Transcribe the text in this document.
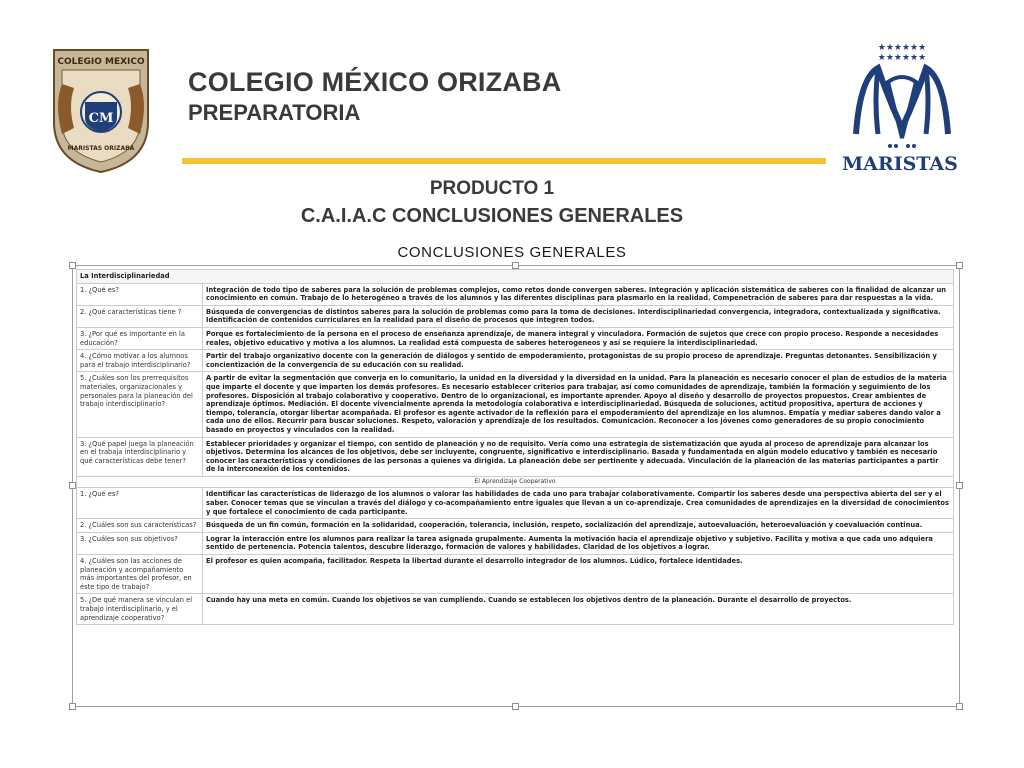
CM
COLEGIO MEXICO
MARISTAS ORIZABA
COLEGIO MÉXICO ORIZABA
PREPARATORIA
★★★★★★
★★★★★★
MARISTAS
PRODUCTO 1
C.A.I.A.C CONCLUSIONES GENERALES
CONCLUSIONES GENERALES
La Interdisciplinariedad	
1. ¿Qué es?	Integración de todo tipo de saberes para la solución de problemas complejos, como retos donde convergen saberes. Integración y aplicación sistemática de saberes con la finalidad de alcanzar un conocimiento en común. Trabajo de lo heterogéneo a través de los alumnos y las diferentes disciplinas para plasmarlo en la realidad. Compenetración de saberes para dar respuestas a la vida.
2. ¿Qué características tiene ?	Búsqueda de convergencias de distintos saberes para la solución de problemas como para la toma de decisiones. Interdisciplinariedad convergencia, integradora, contextualizada y significativa. Identificación de contenidos curriculares en la realidad para el diseño de procesos que integren todos.
3. ¿Por qué es importante en la educación?	Porque es fortalecimiento de la persona en el proceso de enseñanza aprendizaje, de manera integral y vinculadora. Formación de sujetos que crece con propio proceso. Responde a necesidades reales, objetivo educativo y motiva a los alumnos. La realidad está compuesta de saberes heterogeneos y así se requiere la interdisciplinariedad.
4. ¿Cómo motivar a los alumnos para el trabajo interdisciplinario?	Partir del trabajo organizativo docente con la generación de diálogos y sentido de empoderamiento, protagonistas de su propio proceso de aprendizaje. Preguntas detonantes. Sensibilización y concientización de la convergencia de su educación con su realidad.
5. ¿Cuáles son los prerrequisitos materiales, organizacionales y personales para la planeación del trabajo interdisciplinario?	A partir de evitar la segmentación que converja en lo comunitario, la unidad en la diversidad y la diversidad en la unidad. Para la planeación es necesario conocer el plan de estudios de la materia que imparte el docente y que imparten los demás profesores. Es necesario establecer criterios para trabajar, así como comunidades de aprendizaje, también la formación y seguimiento de los profesores. Disposición al trabajo colaborativo y cooperativo. Dentro de lo organizacional, es importante aprender. Apoyo al diseño y desarrollo de proyectos propuestos. Crear ambientes de aprendizaje óptimos. Mediación. El docente vivencialmente aprenda la metodología colaborativa e interdisciplinariedad. Búsqueda de soluciones, actitud propositiva, apertura de acciones y tiempo, tolerancia, otorgar libertar acompañada. El profesor es agente activador de la reflexión para el empoderamiento del aprendizaje en los alumnos. Empatía y mediar saberes dando valor a cada uno de ellos. Recurrir para buscar soluciones. Respeto, valoración y aprendizaje de los resultados. Comunicación. Reconocer a los jóvenes como generadores de su propio conocimiento basado en proyectos y vinculados con la realidad.
3. ¿Qué papel juega la planeación en el trabaja interdisciplinario y qué características debe tener?	Establecer prioridades y organizar el tiempo, con sentido de planeación y no de requisito. Vería como una estrategia de sistematización que ayuda al proceso de aprendizaje para alcanzar los objetivos. Determina los alcances de los objetivos, debe ser incluyente, congruente, significativo e interdisciplinario. Basada y fundamentada en algún modelo educativo y también es necesario conocer las características y condiciones de las personas a quienes va dirigida. La planeación debe ser pertinente y adecuada. Vinculación de la planeación de las materias participantes a partir de la interconexión de los contenidos.
El Aprendizaje Cooperativo	
1. ¿Qué es?	Identificar las características de liderazgo de los alumnos o valorar las habilidades de cada uno para trabajar colaborativamente. Compartir los saberes desde una perspectiva abierta del ser y el saber. Conocer temas que se vinculan a través del diálogo y co-acompañamiento entre iguales que llevan a un co-aprendizaje. Crea comunidades de aprendizajes en la diversidad de conocimientos y que fortalece el conocimiento de cada participante.
2. ¿Cuáles son sus características?	Búsqueda de un fin común, formación en la solidaridad, cooperación, tolerancia, inclusión, respeto, socialización del aprendizaje, autoevaluación, heteroevaluación y coevaluación continua.
3. ¿Cuáles son sus objetivos?	Lograr la interacción entre los alumnos para realizar la tarea asignada grupalmente. Aumenta la motivación hacia el aprendizaje objetivo y subjetivo. Facilita y motiva a que cada uno adquiera sentido de pertenencia. Potencia talentos, descubre liderazgo, formación de valores y habilidades. Claridad de los objetivos a lograr.
4. ¿Cuáles son las acciones de planeación y acompañamiento más importantes del profesor, en éste tipo de trabajo?	El profesor es quien acompaña, facilitador. Respeta la libertad durante el desarrollo integrador de los alumnos. Lúdico, fortalece identidades.
5. ¿De qué manera se vinculan el trabajo interdisciplinario, y el aprendizaje cooperativo?	Cuando hay una meta en común. Cuando los objetivos se van cumpliendo. Cuando se establecen los objetivos dentro de la planeación. Durante el desarrollo de proyectos.
